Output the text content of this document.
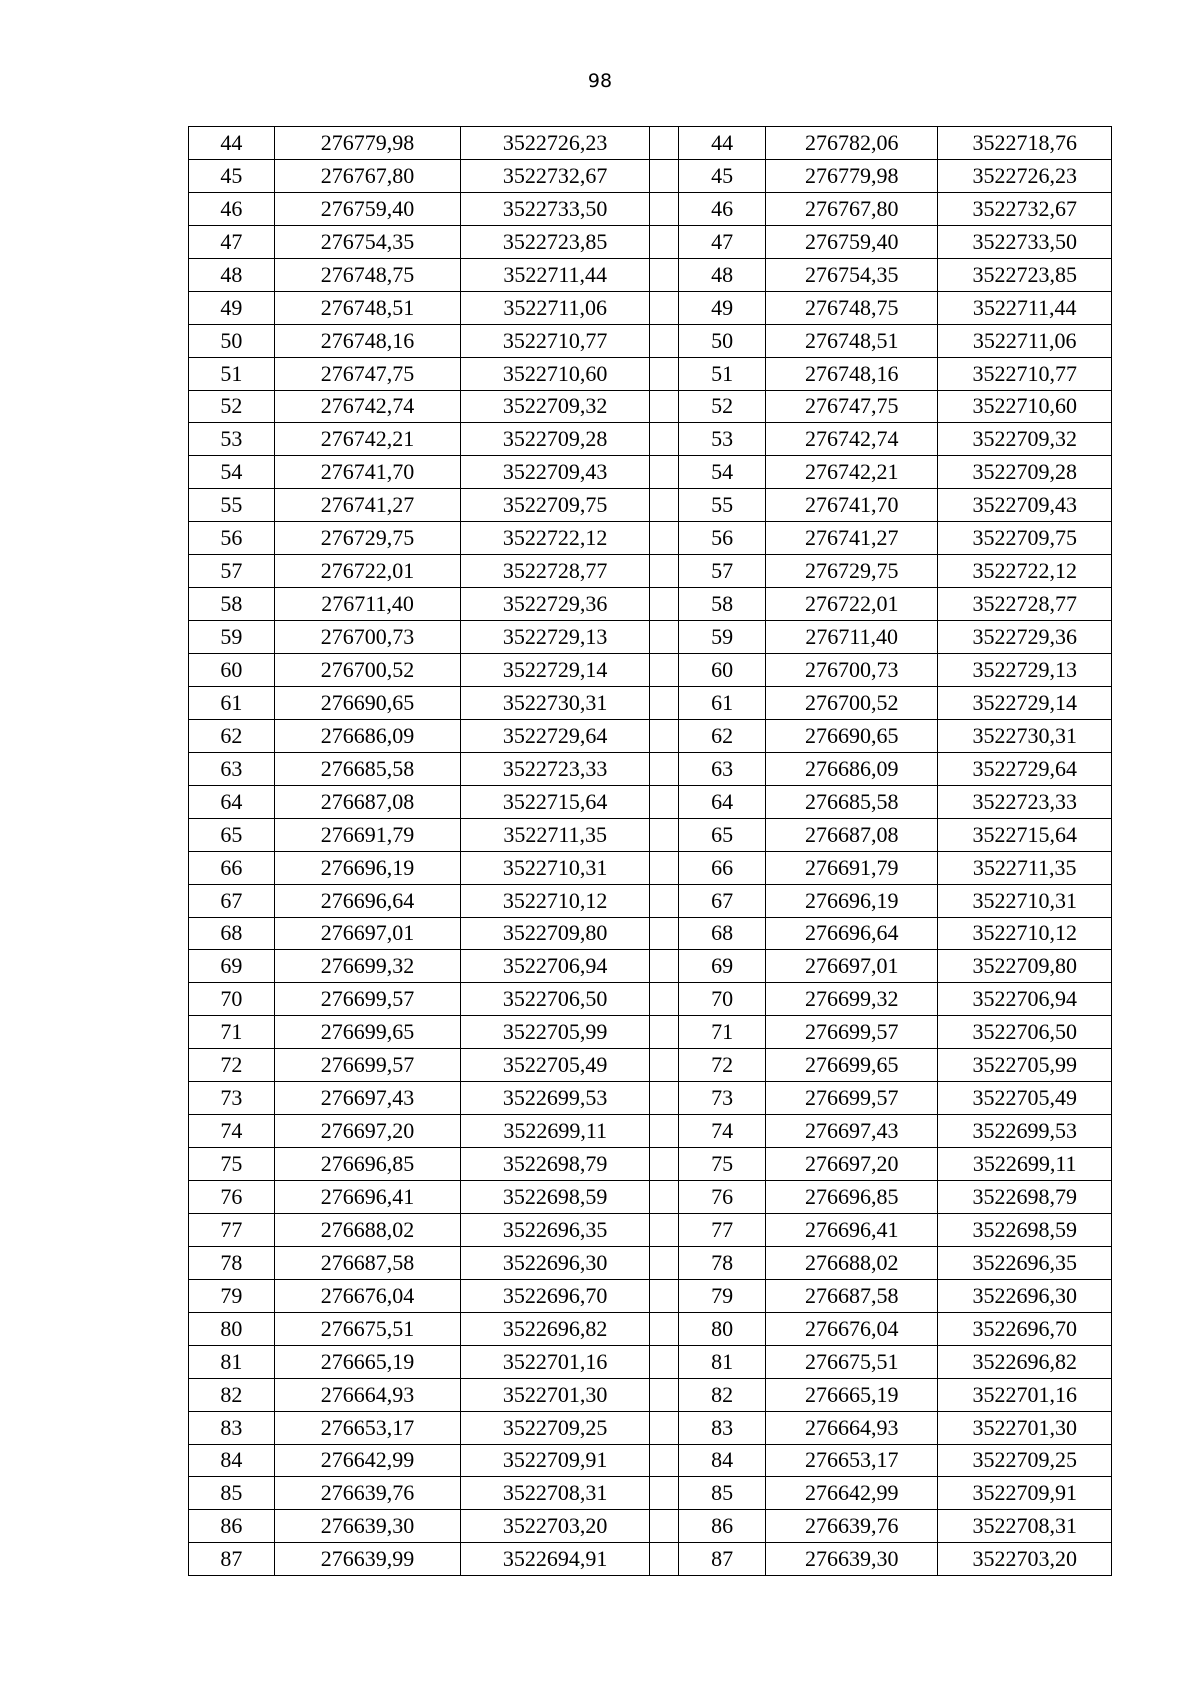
98
44	276779,98	3522726,23		44	276782,06	3522718,76
45	276767,80	3522732,67		45	276779,98	3522726,23
46	276759,40	3522733,50		46	276767,80	3522732,67
47	276754,35	3522723,85		47	276759,40	3522733,50
48	276748,75	3522711,44		48	276754,35	3522723,85
49	276748,51	3522711,06		49	276748,75	3522711,44
50	276748,16	3522710,77		50	276748,51	3522711,06
51	276747,75	3522710,60		51	276748,16	3522710,77
52	276742,74	3522709,32		52	276747,75	3522710,60
53	276742,21	3522709,28		53	276742,74	3522709,32
54	276741,70	3522709,43		54	276742,21	3522709,28
55	276741,27	3522709,75		55	276741,70	3522709,43
56	276729,75	3522722,12		56	276741,27	3522709,75
57	276722,01	3522728,77		57	276729,75	3522722,12
58	276711,40	3522729,36		58	276722,01	3522728,77
59	276700,73	3522729,13		59	276711,40	3522729,36
60	276700,52	3522729,14		60	276700,73	3522729,13
61	276690,65	3522730,31		61	276700,52	3522729,14
62	276686,09	3522729,64		62	276690,65	3522730,31
63	276685,58	3522723,33		63	276686,09	3522729,64
64	276687,08	3522715,64		64	276685,58	3522723,33
65	276691,79	3522711,35		65	276687,08	3522715,64
66	276696,19	3522710,31		66	276691,79	3522711,35
67	276696,64	3522710,12		67	276696,19	3522710,31
68	276697,01	3522709,80		68	276696,64	3522710,12
69	276699,32	3522706,94		69	276697,01	3522709,80
70	276699,57	3522706,50		70	276699,32	3522706,94
71	276699,65	3522705,99		71	276699,57	3522706,50
72	276699,57	3522705,49		72	276699,65	3522705,99
73	276697,43	3522699,53		73	276699,57	3522705,49
74	276697,20	3522699,11		74	276697,43	3522699,53
75	276696,85	3522698,79		75	276697,20	3522699,11
76	276696,41	3522698,59		76	276696,85	3522698,79
77	276688,02	3522696,35		77	276696,41	3522698,59
78	276687,58	3522696,30		78	276688,02	3522696,35
79	276676,04	3522696,70		79	276687,58	3522696,30
80	276675,51	3522696,82		80	276676,04	3522696,70
81	276665,19	3522701,16		81	276675,51	3522696,82
82	276664,93	3522701,30		82	276665,19	3522701,16
83	276653,17	3522709,25		83	276664,93	3522701,30
84	276642,99	3522709,91		84	276653,17	3522709,25
85	276639,76	3522708,31		85	276642,99	3522709,91
86	276639,30	3522703,20		86	276639,76	3522708,31
87	276639,99	3522694,91		87	276639,30	3522703,20
